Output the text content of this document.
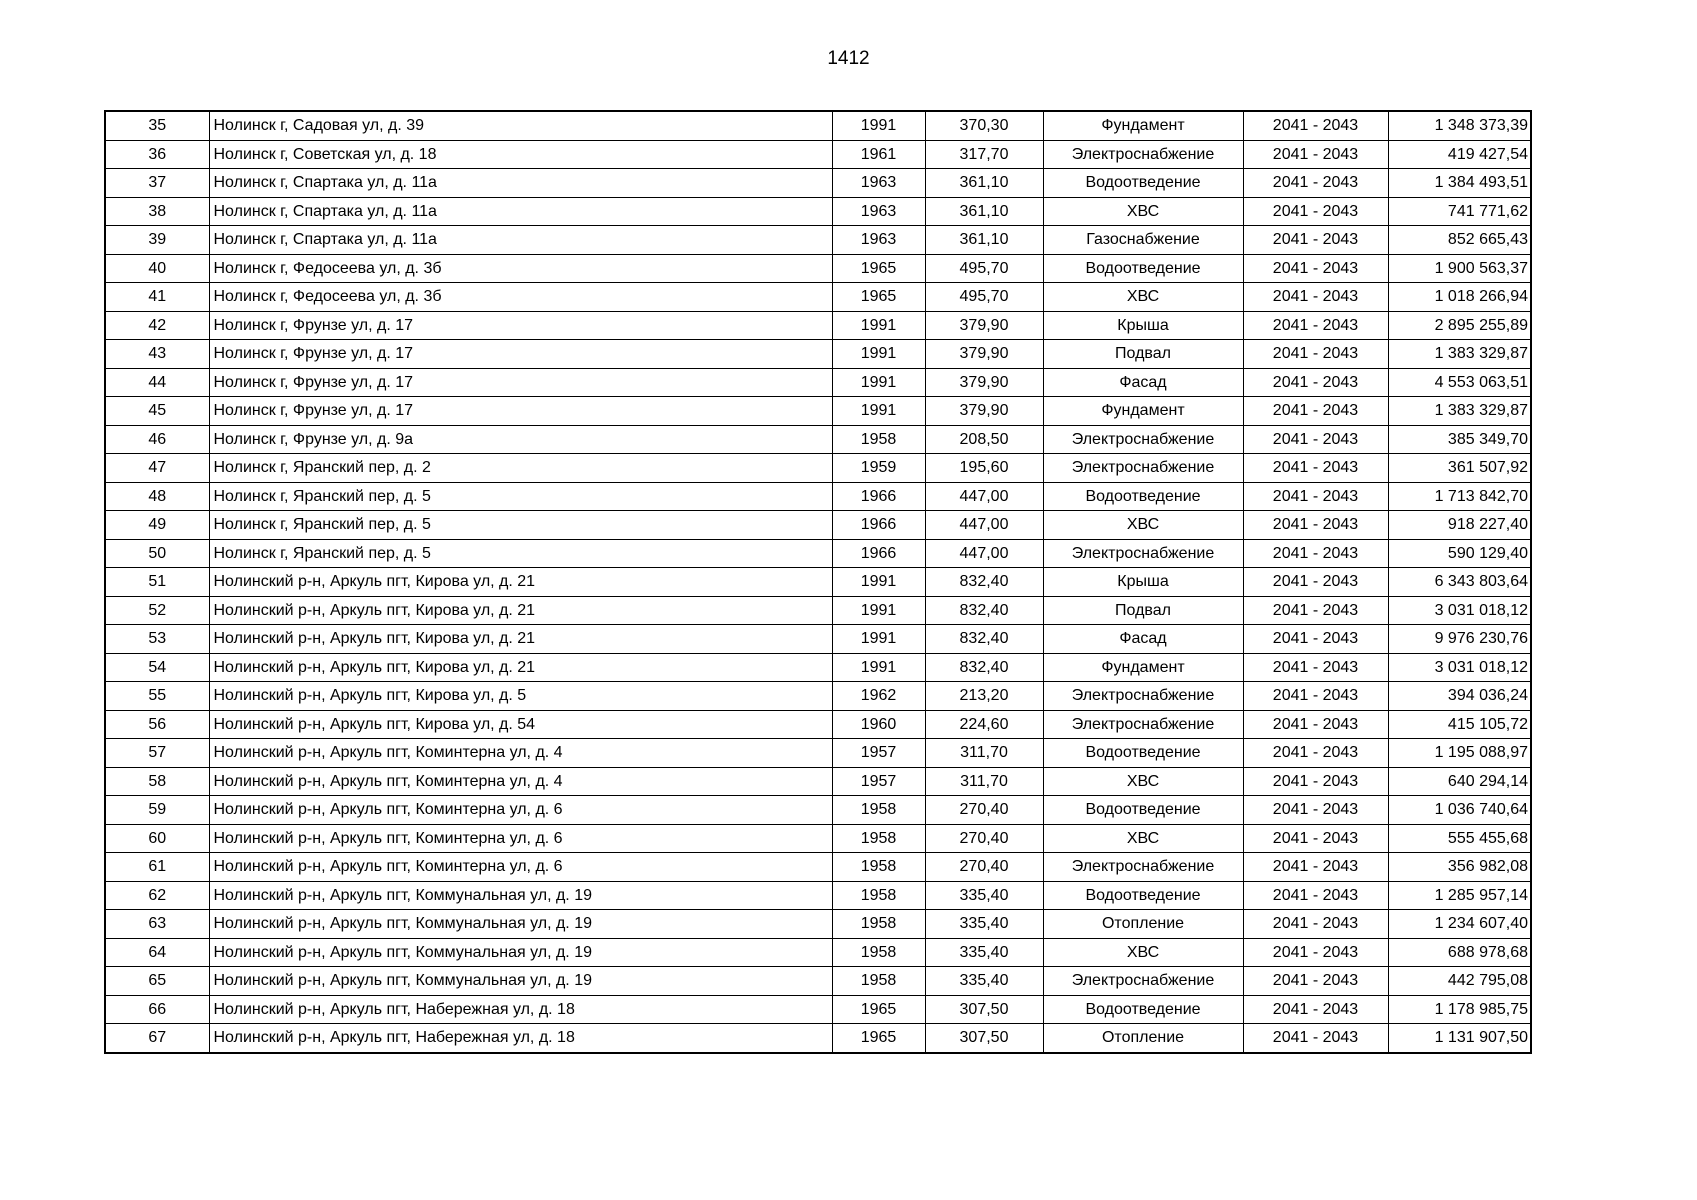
1412
35	Нолинск г, Садовая ул, д. 39	1991	370,30	Фундамент	2041 - 2043	1 348 373,39
36	Нолинск г, Советская ул, д. 18	1961	317,70	Электроснабжение	2041 - 2043	419 427,54
37	Нолинск г, Спартака ул, д. 11а	1963	361,10	Водоотведение	2041 - 2043	1 384 493,51
38	Нолинск г, Спартака ул, д. 11а	1963	361,10	ХВС	2041 - 2043	741 771,62
39	Нолинск г, Спартака ул, д. 11а	1963	361,10	Газоснабжение	2041 - 2043	852 665,43
40	Нолинск г, Федосеева ул, д. 3б	1965	495,70	Водоотведение	2041 - 2043	1 900 563,37
41	Нолинск г, Федосеева ул, д. 3б	1965	495,70	ХВС	2041 - 2043	1 018 266,94
42	Нолинск г, Фрунзе ул, д. 17	1991	379,90	Крыша	2041 - 2043	2 895 255,89
43	Нолинск г, Фрунзе ул, д. 17	1991	379,90	Подвал	2041 - 2043	1 383 329,87
44	Нолинск г, Фрунзе ул, д. 17	1991	379,90	Фасад	2041 - 2043	4 553 063,51
45	Нолинск г, Фрунзе ул, д. 17	1991	379,90	Фундамент	2041 - 2043	1 383 329,87
46	Нолинск г, Фрунзе ул, д. 9а	1958	208,50	Электроснабжение	2041 - 2043	385 349,70
47	Нолинск г, Яранский пер, д. 2	1959	195,60	Электроснабжение	2041 - 2043	361 507,92
48	Нолинск г, Яранский пер, д. 5	1966	447,00	Водоотведение	2041 - 2043	1 713 842,70
49	Нолинск г, Яранский пер, д. 5	1966	447,00	ХВС	2041 - 2043	918 227,40
50	Нолинск г, Яранский пер, д. 5	1966	447,00	Электроснабжение	2041 - 2043	590 129,40
51	Нолинский р-н, Аркуль пгт, Кирова ул, д. 21	1991	832,40	Крыша	2041 - 2043	6 343 803,64
52	Нолинский р-н, Аркуль пгт, Кирова ул, д. 21	1991	832,40	Подвал	2041 - 2043	3 031 018,12
53	Нолинский р-н, Аркуль пгт, Кирова ул, д. 21	1991	832,40	Фасад	2041 - 2043	9 976 230,76
54	Нолинский р-н, Аркуль пгт, Кирова ул, д. 21	1991	832,40	Фундамент	2041 - 2043	3 031 018,12
55	Нолинский р-н, Аркуль пгт, Кирова ул, д. 5	1962	213,20	Электроснабжение	2041 - 2043	394 036,24
56	Нолинский р-н, Аркуль пгт, Кирова ул, д. 54	1960	224,60	Электроснабжение	2041 - 2043	415 105,72
57	Нолинский р-н, Аркуль пгт, Коминтерна ул, д. 4	1957	311,70	Водоотведение	2041 - 2043	1 195 088,97
58	Нолинский р-н, Аркуль пгт, Коминтерна ул, д. 4	1957	311,70	ХВС	2041 - 2043	640 294,14
59	Нолинский р-н, Аркуль пгт, Коминтерна ул, д. 6	1958	270,40	Водоотведение	2041 - 2043	1 036 740,64
60	Нолинский р-н, Аркуль пгт, Коминтерна ул, д. 6	1958	270,40	ХВС	2041 - 2043	555 455,68
61	Нолинский р-н, Аркуль пгт, Коминтерна ул, д. 6	1958	270,40	Электроснабжение	2041 - 2043	356 982,08
62	Нолинский р-н, Аркуль пгт, Коммунальная ул, д. 19	1958	335,40	Водоотведение	2041 - 2043	1 285 957,14
63	Нолинский р-н, Аркуль пгт, Коммунальная ул, д. 19	1958	335,40	Отопление	2041 - 2043	1 234 607,40
64	Нолинский р-н, Аркуль пгт, Коммунальная ул, д. 19	1958	335,40	ХВС	2041 - 2043	688 978,68
65	Нолинский р-н, Аркуль пгт, Коммунальная ул, д. 19	1958	335,40	Электроснабжение	2041 - 2043	442 795,08
66	Нолинский р-н, Аркуль пгт, Набережная ул, д. 18	1965	307,50	Водоотведение	2041 - 2043	1 178 985,75
67	Нолинский р-н, Аркуль пгт, Набережная ул, д. 18	1965	307,50	Отопление	2041 - 2043	1 131 907,50
